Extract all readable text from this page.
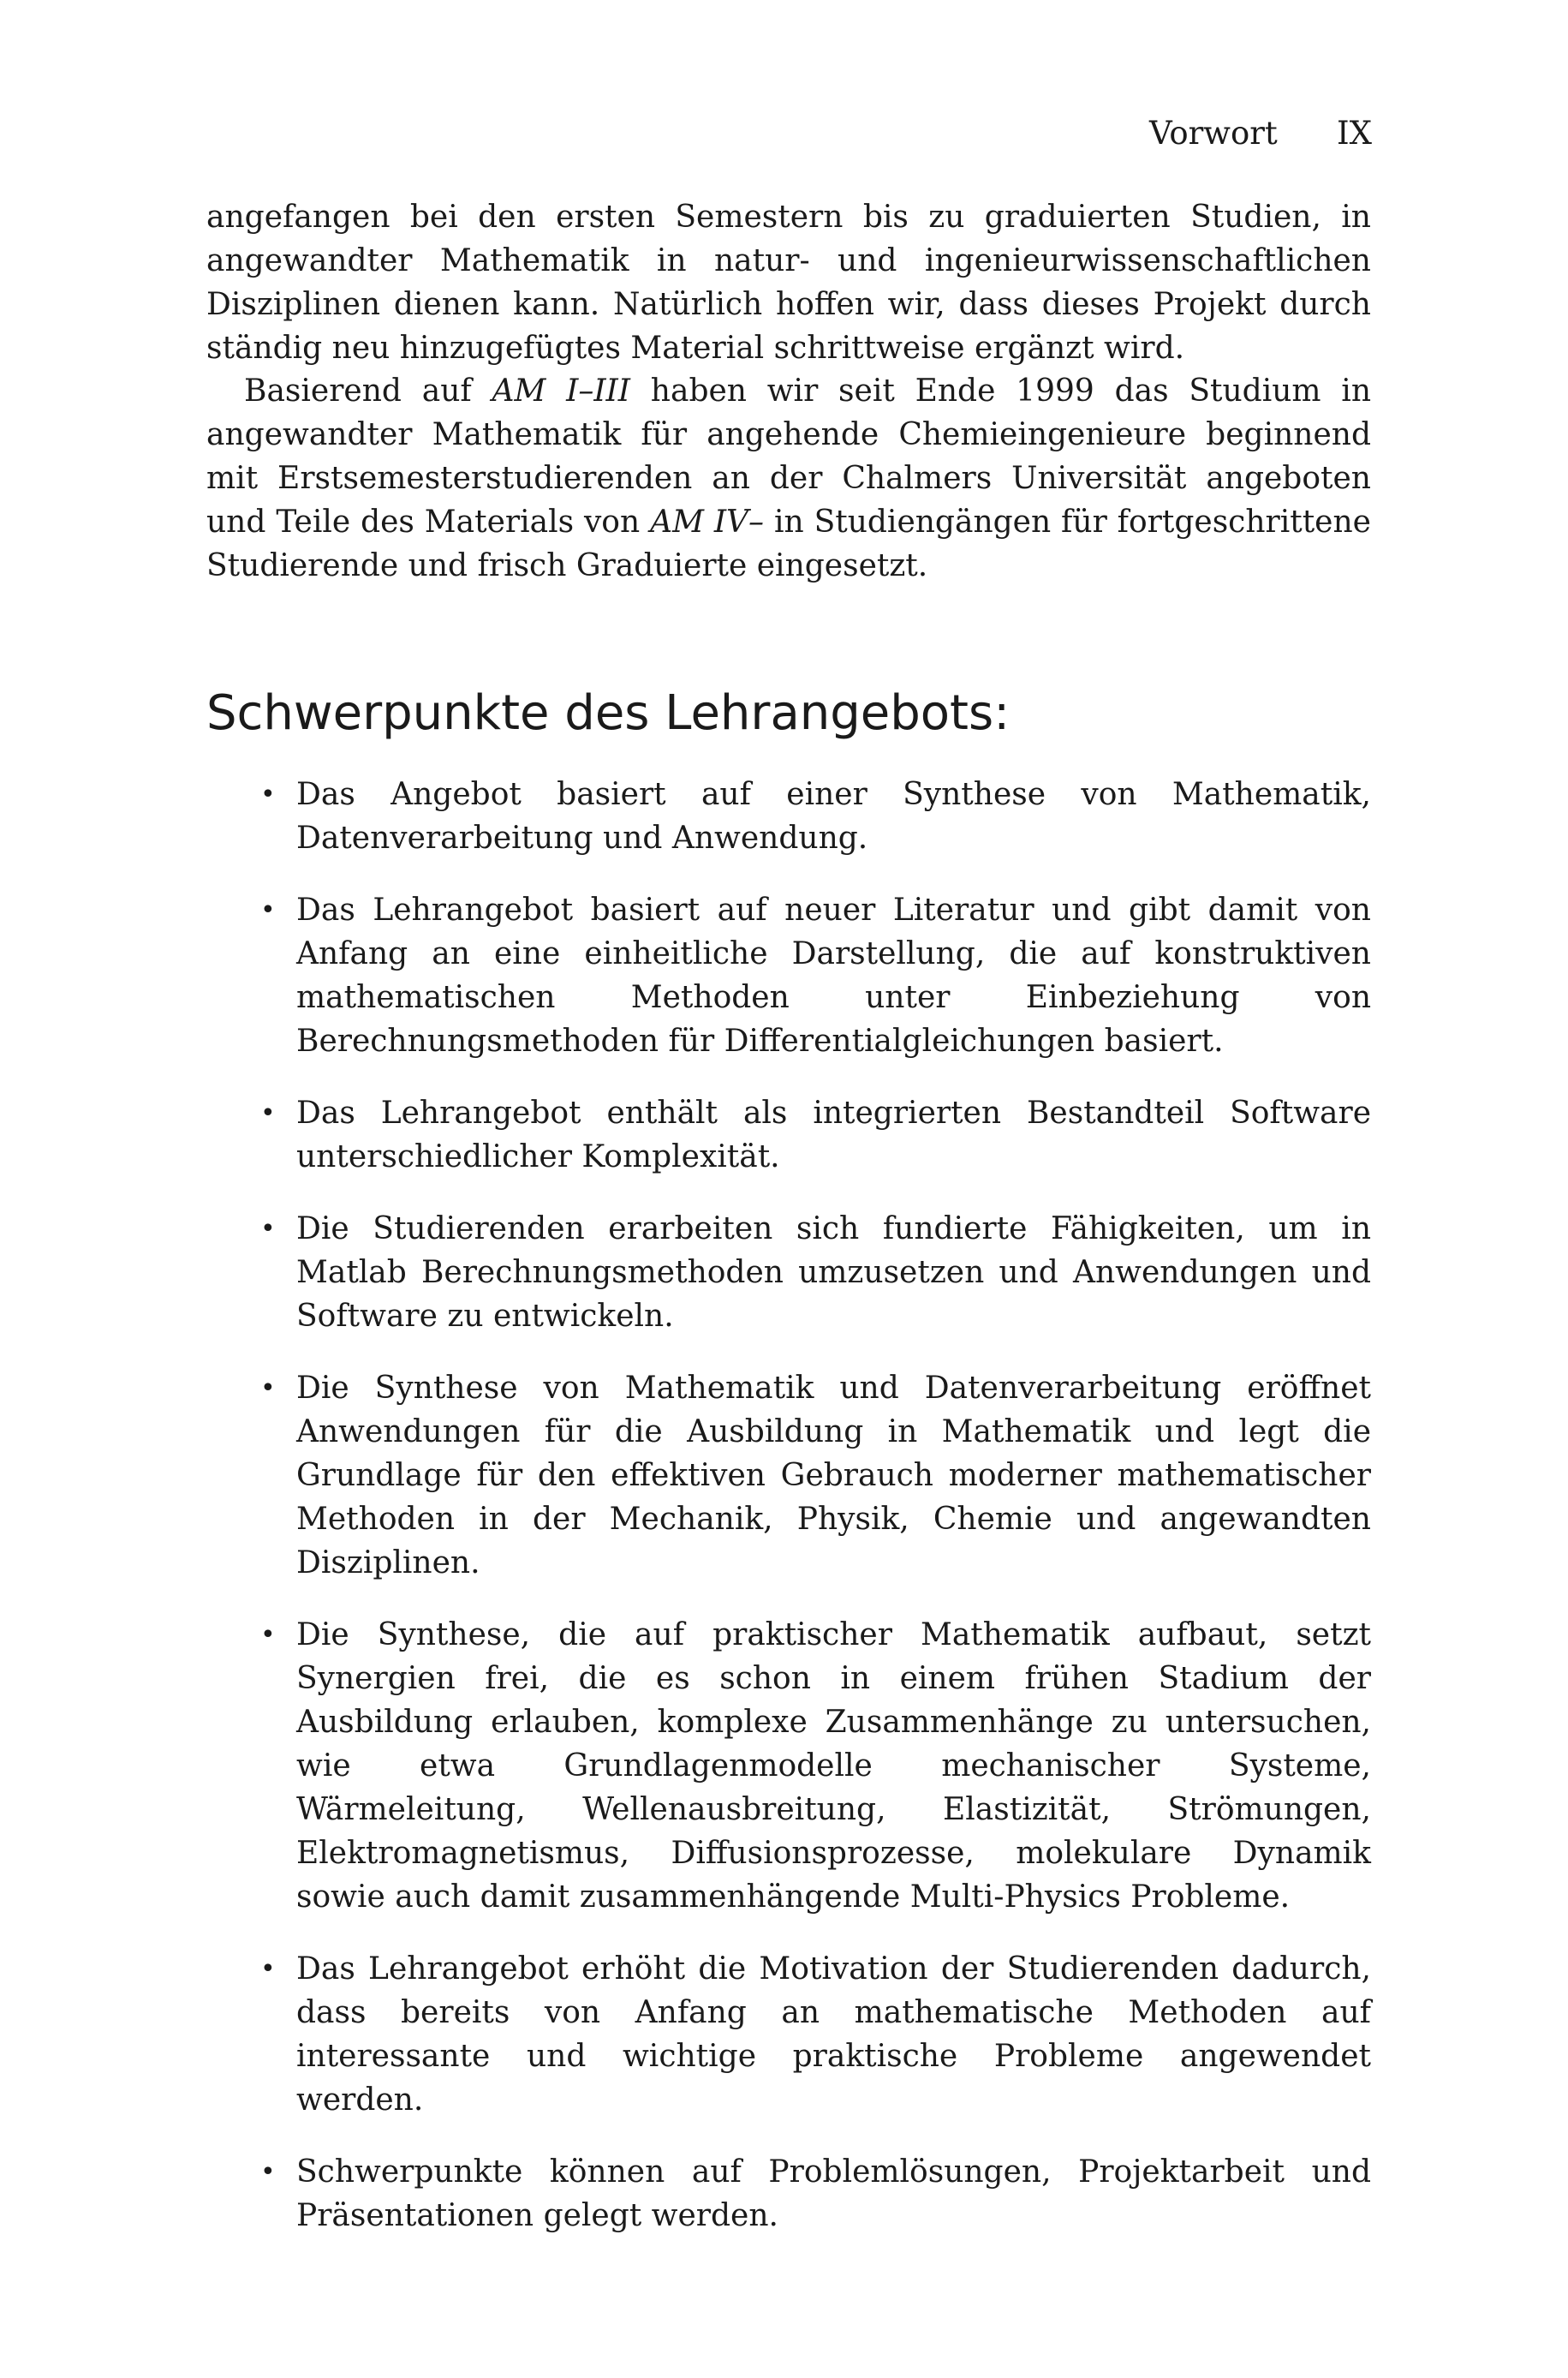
Vorwort IX

angefangen bei den ersten Semestern bis zu graduierten Studien, in angewandter Mathematik in natur- und ingenieurwissenschaftlichen Disziplinen dienen kann. Natürlich hoffen wir, dass dieses Projekt durch ständig neu hinzugefügtes Material schrittweise ergänzt wird.

Basierend auf AM I–III haben wir seit Ende 1999 das Studium in angewandter Mathematik für angehende Chemieingenieure beginnend mit Erstsemesterstudierenden an der Chalmers Universität angeboten und Teile des Materials von AM IV– in Studiengängen für fortgeschrittene Studierende und frisch Graduierte eingesetzt.

Schwerpunkte des Lehrangebots:
• Das Angebot basiert auf einer Synthese von Mathematik, Datenverarbeitung und Anwendung.
• Das Lehrangebot basiert auf neuer Literatur und gibt damit von Anfang an eine einheitliche Darstellung, die auf konstruktiven mathematischen Methoden unter Einbeziehung von Berechnungsmethoden für Differentialgleichungen basiert.
• Das Lehrangebot enthält als integrierten Bestandteil Software unterschiedlicher Komplexität.
• Die Studierenden erarbeiten sich fundierte Fähigkeiten, um in Matlab Berechnungsmethoden umzusetzen und Anwendungen und Software zu entwickeln.
• Die Synthese von Mathematik und Datenverarbeitung eröffnet Anwendungen für die Ausbildung in Mathematik und legt die Grundlage für den effektiven Gebrauch moderner mathematischer Methoden in der Mechanik, Physik, Chemie und angewandten Disziplinen.
• Die Synthese, die auf praktischer Mathematik aufbaut, setzt Synergien frei, die es schon in einem frühen Stadium der Ausbildung erlauben, komplexe Zusammenhänge zu untersuchen, wie etwa Grundlagenmodelle mechanischer Systeme, Wärmeleitung, Wellenausbreitung, Elastizität, Strömungen, Elektromagnetismus, Diffusionsprozesse, molekulare Dynamik sowie auch damit zusammenhängende Multi-Physics Probleme.
• Das Lehrangebot erhöht die Motivation der Studierenden dadurch, dass bereits von Anfang an mathematische Methoden auf interessante und wichtige praktische Probleme angewendet werden.
• Schwerpunkte können auf Problemlösungen, Projektarbeit und Präsentationen gelegt werden.
